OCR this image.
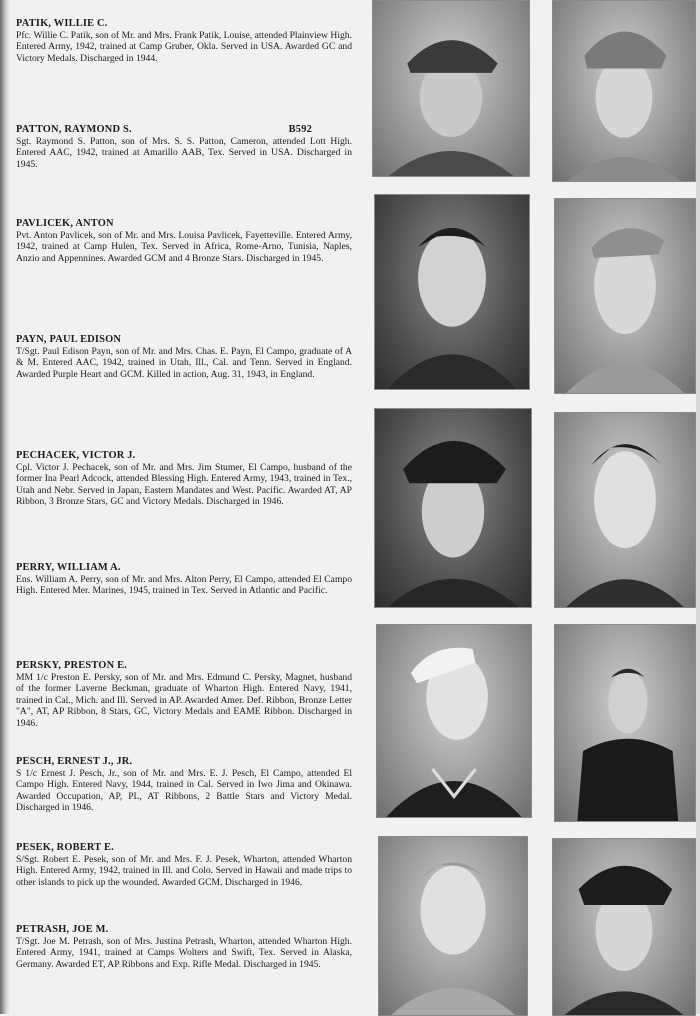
PATIK, WILLIE C.
Pfc. Willie C. Patik, son of Mr. and Mrs. Frank Patik, Louise, attended Plainview High. Entered Army, 1942, trained at Camp Gruber, Okla. Served in USA. Awarded GC and Victory Medals. Discharged in 1944.
PATTON, RAYMOND S.	B592
Sgt. Raymond S. Patton, son of Mrs. S. S. Patton, Cameron, attended Lott High. Entered AAC, 1942, trained at Amarillo AAB, Tex. Served in USA. Discharged in 1945.
PAVLICEK, ANTON
Pvt. Anton Pavlicek, son of Mr. and Mrs. Louisa Pavlicek, Fayetteville. Entered Army, 1942, trained at Camp Hulen, Tex. Served in Africa, Rome-Arno, Tunisia, Naples, Anzio and Appennines. Awarded GCM and 4 Bronze Stars. Discharged in 1945.
PAYN, PAUL EDISON
T/Sgt. Paul Edison Payn, son of Mr. and Mrs. Chas. E. Payn, El Campo, graduate of A & M. Entered AAC, 1942, trained in Utah, Ill., Cal. and Tenn. Served in England. Awarded Purple Heart and GCM. Killed in action, Aug. 31, 1943, in England.
PECHACEK, VICTOR J.
Cpl. Victor J. Pechacek, son of Mr. and Mrs. Jim Stumer, El Campo, husband of the former Ina Pearl Adcock, attended Blessing High. Entered Army, 1943, trained in Tex., Utah and Nebr. Served in Japan, Eastern Mandates and West. Pacific. Awarded AT, AP Ribbon, 3 Bronze Stars, GC and Victory Medals. Discharged in 1946.
PERRY, WILLIAM A.
Ens. William A. Perry, son of Mr. and Mrs. Alton Perry, El Campo, attended El Campo High. Entered Mer. Marines, 1945, trained in Tex. Served in Atlantic and Pacific.
PERSKY, PRESTON E.
MM 1/c Preston E. Persky, son of Mr. and Mrs. Edmund C. Persky, Magnet, husband of the former Laverne Beckman, graduate of Wharton High. Entered Navy, 1941, trained in Cal., Mich. and Ill. Served in AP. Awarded Amer. Def. Ribbon, Bronze Letter "A", AT, AP Ribbon, 8 Stars, GC, Victory Medals and EAME Ribbon. Discharged in 1946.
PESCH, ERNEST J., JR.
S 1/c Ernest J. Pesch, Jr., son of Mr. and Mrs. E. J. Pesch, El Campo, attended El Campo High. Entered Navy, 1944, trained in Cal. Served in Iwo Jima and Okinawa. Awarded Occupation, AP, PL, AT Ribbons, 2 Battle Stars and Victory Medal. Discharged in 1946.
PESEK, ROBERT E.
S/Sgt. Robert E. Pesek, son of Mr. and Mrs. F. J. Pesek, Wharton, attended Wharton High. Entered Army, 1942, trained in Ill. and Colo. Served in Hawaii and made trips to other islands to pick up the wounded. Awarded GCM. Discharged in 1946.
PETRASH, JOE M.
T/Sgt. Joe M. Petrash, son of Mrs. Justina Petrash, Wharton, attended Wharton High. Entered Army, 1941, trained at Camps Wolters and Swift, Tex. Served in Alaska, Germany. Awarded ET, AP Ribbons and Exp. Rifle Medal. Discharged in 1945.
